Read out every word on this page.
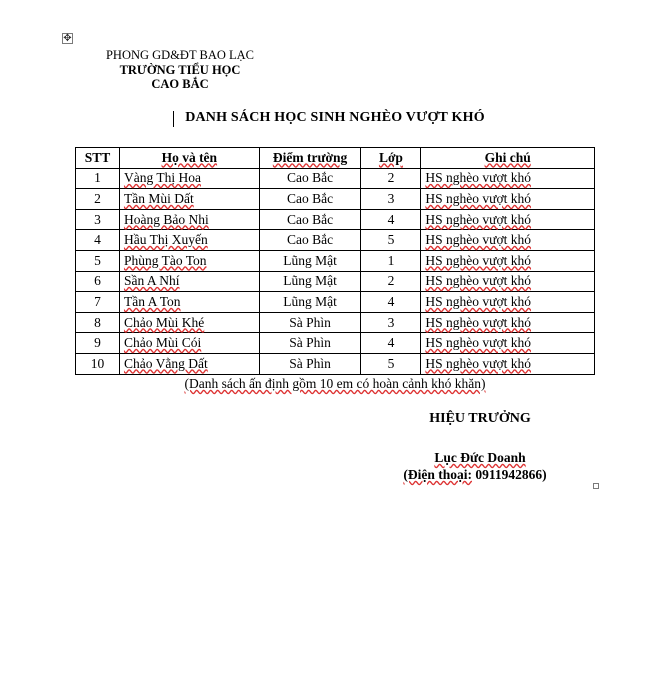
✥
PHONG GD&ĐT BAO LẠC
TRƯỜNG TIỂU HỌC
CAO BẮC
DANH SÁCH HỌC SINH NGHÈO VƯỢT KHÓ
STT	Họ và tên	Điểm trường	Lớp	Ghi chú
1	Vàng Thị Hoa	Cao Bắc	2	HS nghèo vượt khó
2	Tần Mùi Dất	Cao Bắc	3	HS nghèo vượt khó
3	Hoàng Bảo Nhi	Cao Bắc	4	HS nghèo vượt khó
4	Hầu Thị Xuyến	Cao Bắc	5	HS nghèo vượt khó
5	Phùng Tào Ton	Lũng Mật	1	HS nghèo vượt khó
6	Sần A Nhí	Lũng Mật	2	HS nghèo vượt khó
7	Tần A Ton	Lũng Mật	4	HS nghèo vượt khó
8	Chảo Mùi Khé	Sà Phìn	3	HS nghèo vượt khó
9	Chảo Mùi Cói	Sà Phìn	4	HS nghèo vượt khó
10	Chảo Vằng Dất	Sà Phìn	5	HS nghèo vượt khó
(Danh sách ấn định gồm 10 em có hoàn cảnh khó khăn)
HIỆU TRƯỞNG
Lục Đức Doanh
(Điện thoại: 0911942866)
